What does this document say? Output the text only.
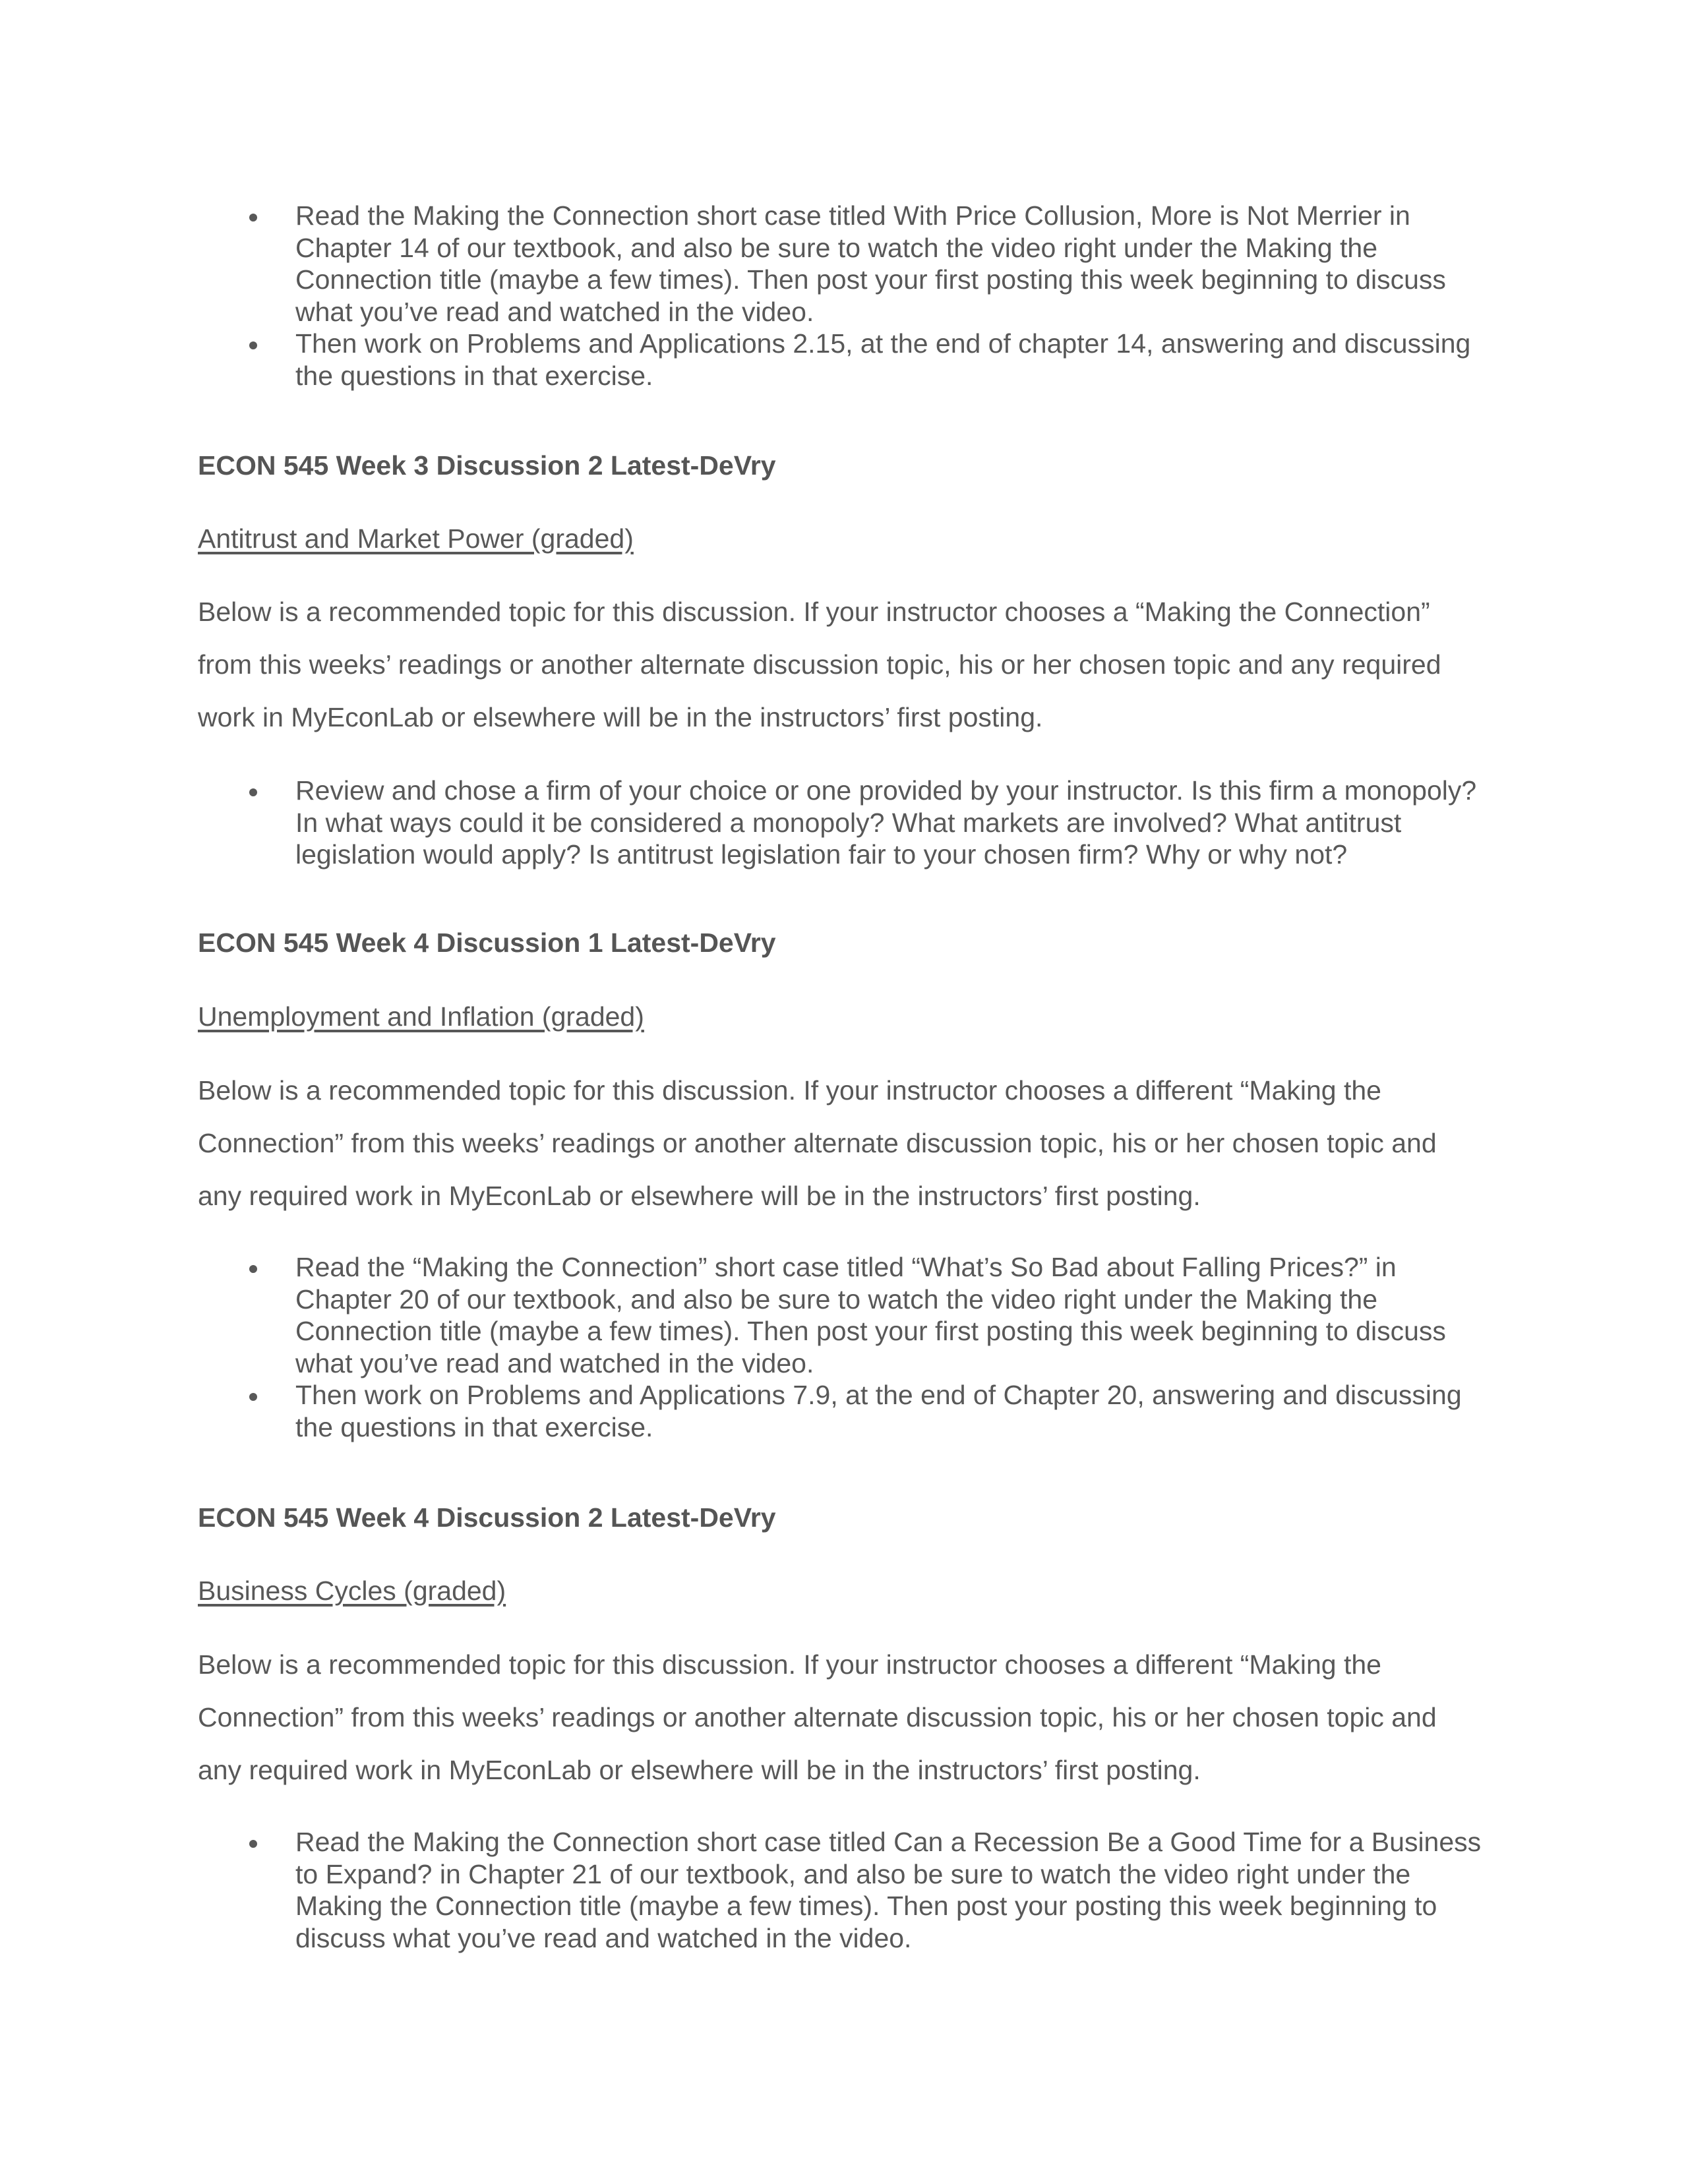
Read the Making the Connection short case titled With Price Collusion, More is Not Merrier in Chapter 14 of our textbook, and also be sure to watch the video right under the Making the Connection title (maybe a few times). Then post your first posting this week beginning to discuss what you’ve read and watched in the video.
Then work on Problems and Applications 2.15, at the end of chapter 14, answering and discussing the questions in that exercise.
ECON 545 Week 3 Discussion 2 Latest-DeVry

Antitrust and Market Power (graded)

Below is a recommended topic for this discussion. If your instructor chooses a “Making the Connection” from this weeks’ readings or another alternate discussion topic, his or her chosen topic and any required work in MyEconLab or elsewhere will be in the instructors’ first posting.

Review and chose a firm of your choice or one provided by your instructor. Is this firm a monopoly? In what ways could it be considered a monopoly? What markets are involved? What antitrust legislation would apply? Is antitrust legislation fair to your chosen firm? Why or why not?
ECON 545 Week 4 Discussion 1 Latest-DeVry

Unemployment and Inflation (graded)

Below is a recommended topic for this discussion. If your instructor chooses a different “Making the Connection” from this weeks’ readings or another alternate discussion topic, his or her chosen topic and any required work in MyEconLab or elsewhere will be in the instructors’ first posting.

Read the “Making the Connection” short case titled “What’s So Bad about Falling Prices?” in Chapter 20 of our textbook, and also be sure to watch the video right under the Making the Connection title (maybe a few times). Then post your first posting this week beginning to discuss what you’ve read and watched in the video.
Then work on Problems and Applications 7.9, at the end of Chapter 20, answering and discussing the questions in that exercise.
ECON 545 Week 4 Discussion 2 Latest-DeVry

Business Cycles (graded)

Below is a recommended topic for this discussion. If your instructor chooses a different “Making the Connection” from this weeks’ readings or another alternate discussion topic, his or her chosen topic and any required work in MyEconLab or elsewhere will be in the instructors’ first posting.

Read the Making the Connection short case titled Can a Recession Be a Good Time for a Business to Expand? in Chapter 21 of our textbook, and also be sure to watch the video right under the Making the Connection title (maybe a few times). Then post your posting this week beginning to discuss what you’ve read and watched in the video.
